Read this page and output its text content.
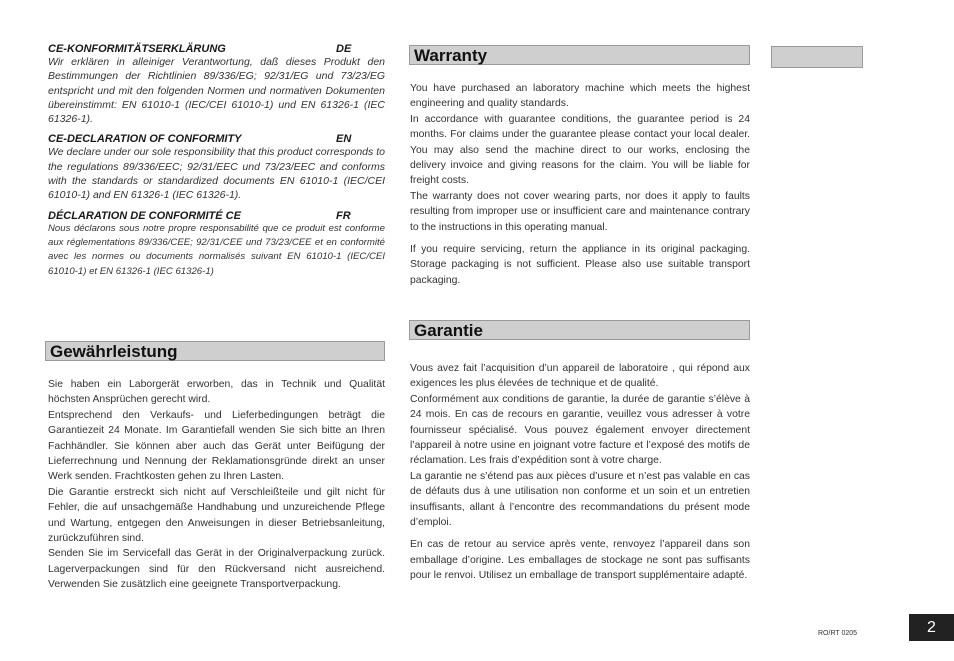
CE-KONFORMITÄTSERKLÄRUNG	DE
Wir erklären in alleiniger Verantwortung, daß dieses Produkt den Bestimmungen der Richtlinien 89/336/EG; 92/31/EG und 73/23/EG entspricht und mit den folgenden Normen und normativen Dokumenten übereinstimmt: EN 61010-1 (IEC/CEI 61010-1) und EN 61326-1 (IEC 61326-1).
CE-DECLARATION OF CONFORMITY	EN
We declare under our sole responsibility that this product corresponds to the regulations 89/336/EEC; 92/31/EEC und 73/23/EEC and conforms with the standards or standardized documents EN 61010-1 (IEC/CEI 61010-1) and EN 61326-1 (IEC 61326-1).
DÉCLARATION DE CONFORMITÉ CE	FR
Nous déclarons sous notre propre responsabilité que ce produit est conforme aux réglementations 89/336/CEE; 92/31/CEE und 73/23/CEE et en conformité avec les normes ou documents normalisés suivant EN 61010-1 (IEC/CEI 61010-1) et EN 61326-1 (IEC 61326-1)
Gewährleistung

Sie haben ein Laborgerät erworben, das in Technik und Qualität höchsten Ansprüchen gerecht wird.

Entsprechend den Verkaufs- und Lieferbedingungen beträgt die Garantiezeit 24 Monate. Im Garantiefall wenden Sie sich bitte an Ihren Fachhändler. Sie können aber auch das Gerät unter Beifügung der Lieferrechnung und Nennung der Reklamationsgründe direkt an unser Werk senden. Frachtkosten gehen zu Ihren Lasten.

Die Garantie erstreckt sich nicht auf Verschleißteile und gilt nicht für Fehler, die auf unsachgemäße Handhabung und unzureichende Pflege und Wartung, entgegen den Anweisungen in dieser Betriebsanleitung, zurückzuführen sind.

Senden Sie im Servicefall das Gerät in der Originalverpackung zurück. Lagerverpackungen sind für den Rückversand nicht ausreichend. Verwenden Sie zusätzlich eine geeignete Transportverpackung.

Warranty

You have purchased an laboratory machine which meets the highest engineering and quality standards.

In accordance with guarantee conditions, the guarantee period is 24 months. For claims under the guarantee please contact your local dealer. You may also send the machine direct to our works, enclosing the delivery invoice and giving reasons for the claim. You will be liable for freight costs.

The warranty does not cover wearing parts, nor does it apply to faults resulting from improper use or insufficient care and maintenance contrary to the instructions in this operating manual.

If you require servicing, return the appliance in its original packaging. Storage packaging is not sufficient. Please also use suitable transport packaging.

Garantie

Vous avez fait l’acquisition d’un appareil de laboratoire , qui répond aux exigences les plus élevées de technique et de qualité.

Conformément aux conditions de garantie, la durée de garantie s’élève à 24 mois. En cas de recours en garantie, veuillez vous adresser à votre fournisseur spécialisé. Vous pouvez également envoyer directement l’appareil à notre usine en joignant votre facture et l’exposé des motifs de réclamation. Les frais d’expédition sont à votre charge.

La garantie ne s’étend pas aux pièces d’usure et n’est pas valable en cas de défauts dus à une utilisation non conforme et un soin et un entretien insuffisants, allant à l’encontre des recommandations du présent mode d’emploi.

En cas de retour au service après vente, renvoyez l’appareil dans son emballage d’origine. Les emballages de stockage ne sont pas suffisants pour le renvoi. Utilisez un emballage de transport supplémentaire adapté.

RO/RT 0205	2
